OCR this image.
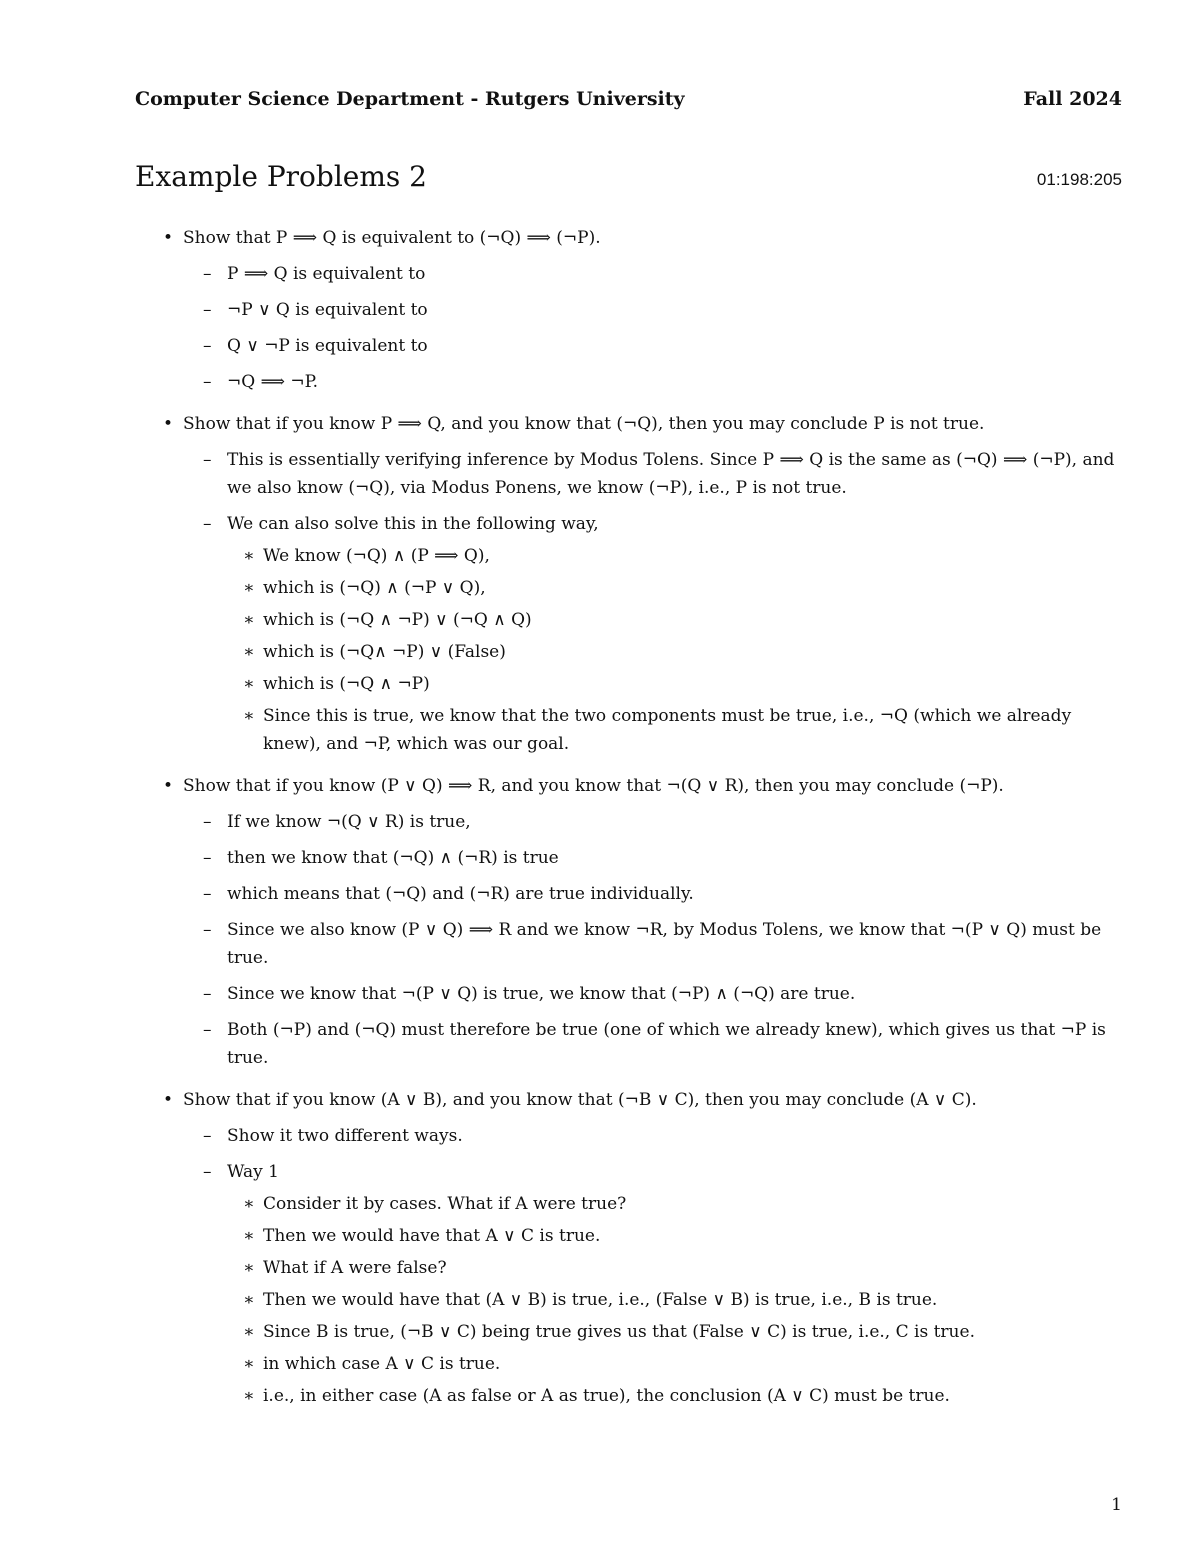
Computer Science Department - Rutgers University	Fall 2024
Example Problems 2	01:198:205
• Show that P ⟹ Q is equivalent to (¬Q) ⟹ (¬P).
– P ⟹ Q is equivalent to
– ¬P ∨ Q is equivalent to
– Q ∨ ¬P is equivalent to
– ¬Q ⟹ ¬P.
• Show that if you know P ⟹ Q, and you know that (¬Q), then you may conclude P is not true.
– This is essentially verifying inference by Modus Tolens. Since P ⟹ Q is the same as (¬Q) ⟹ (¬P), and we also know (¬Q), via Modus Ponens, we know (¬P), i.e., P is not true.
– We can also solve this in the following way,
∗ We know (¬Q) ∧ (P ⟹ Q),
∗ which is (¬Q) ∧ (¬P ∨ Q),
∗ which is (¬Q ∧ ¬P) ∨ (¬Q ∧ Q)
∗ which is (¬Q∧ ¬P) ∨ (False)
∗ which is (¬Q ∧ ¬P)
∗ Since this is true, we know that the two components must be true, i.e., ¬Q (which we already knew), and ¬P, which was our goal.
• Show that if you know (P ∨ Q) ⟹ R, and you know that ¬(Q ∨ R), then you may conclude (¬P).
– If we know ¬(Q ∨ R) is true,
– then we know that (¬Q) ∧ (¬R) is true
– which means that (¬Q) and (¬R) are true individually.
– Since we also know (P ∨ Q) ⟹ R and we know ¬R, by Modus Tolens, we know that ¬(P ∨ Q) must be true.
– Since we know that ¬(P ∨ Q) is true, we know that (¬P) ∧ (¬Q) are true.
– Both (¬P) and (¬Q) must therefore be true (one of which we already knew), which gives us that ¬P is true.
• Show that if you know (A ∨ B), and you know that (¬B ∨ C), then you may conclude (A ∨ C).
– Show it two different ways.
– Way 1
∗ Consider it by cases. What if A were true?
∗ Then we would have that A ∨ C is true.
∗ What if A were false?
∗ Then we would have that (A ∨ B) is true, i.e., (False ∨ B) is true, i.e., B is true.
∗ Since B is true, (¬B ∨ C) being true gives us that (False ∨ C) is true, i.e., C is true.
∗ in which case A ∨ C is true.
∗ i.e., in either case (A as false or A as true), the conclusion (A ∨ C) must be true.
1
